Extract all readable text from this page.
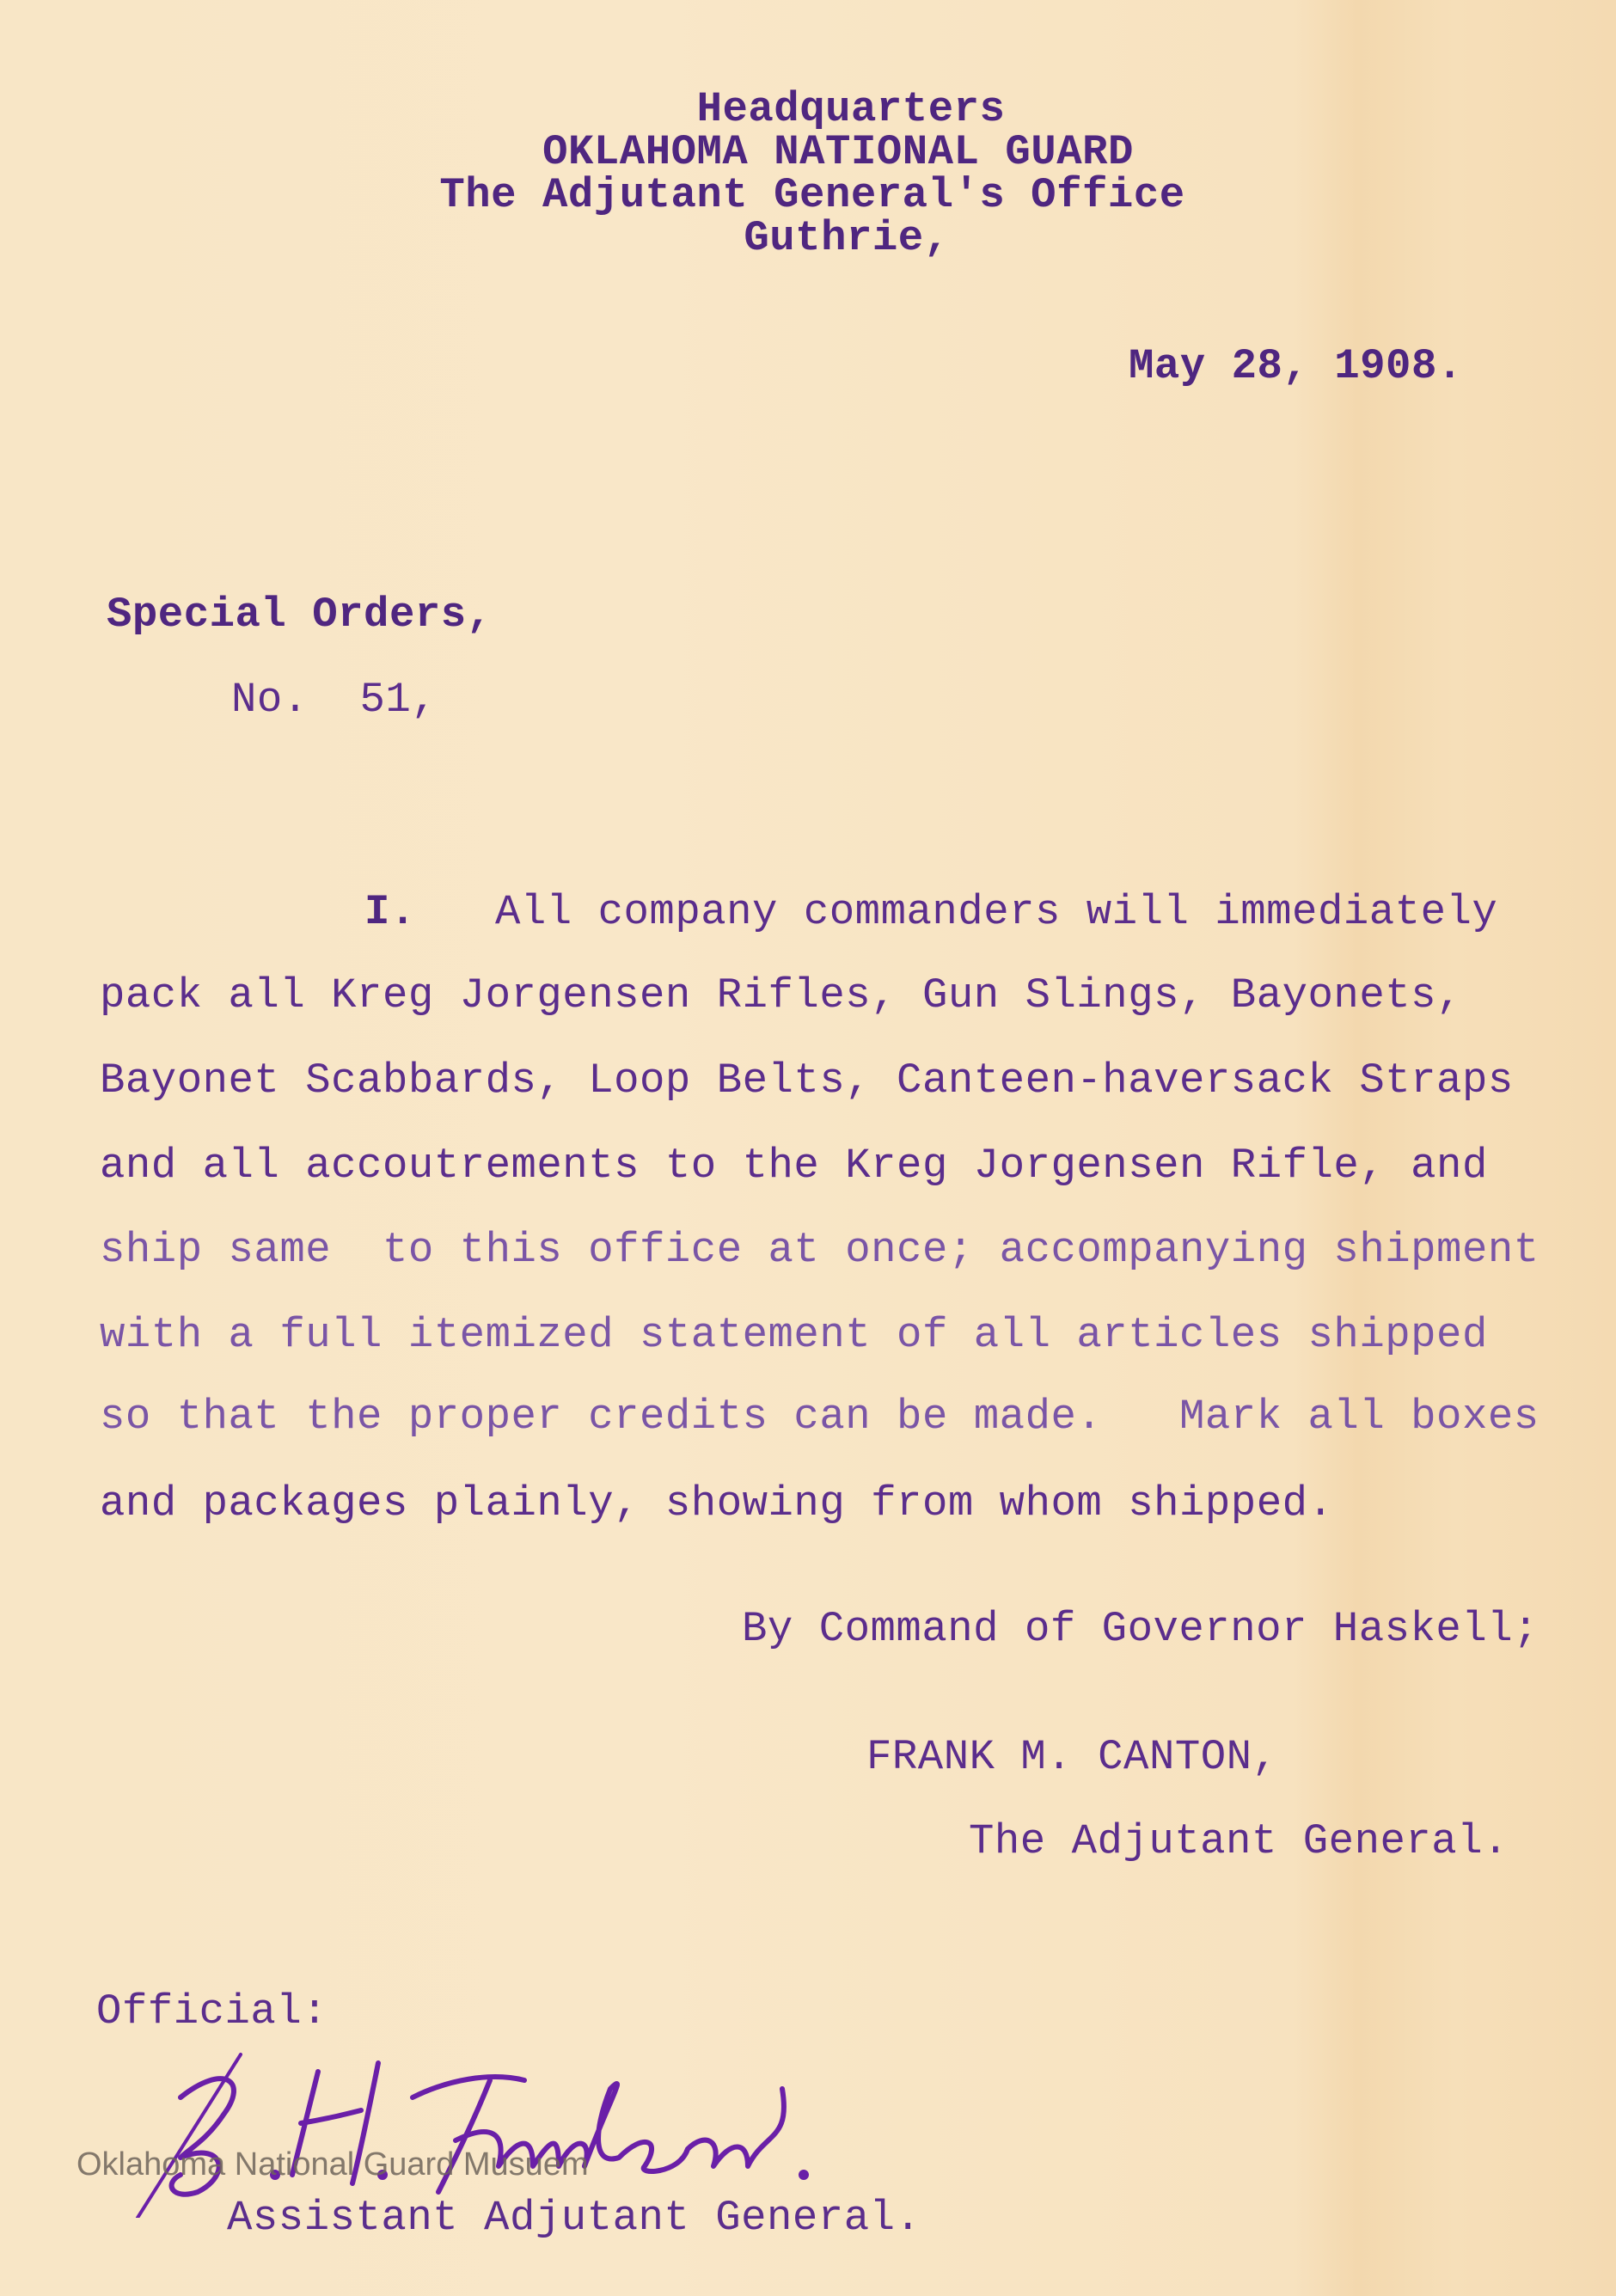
Headquarters
OKLAHOMA NATIONAL GUARD
The Adjutant General's Office
Guthrie,
May 28, 1908.
Special Orders,
No.  51,
I. All company commanders will immediately
pack all Kreg Jorgensen Rifles, Gun Slings, Bayonets,
Bayonet Scabbards, Loop Belts, Canteen-haversack Straps
and all accoutrements to the Kreg Jorgensen Rifle, and
ship same  to this office at once; accompanying shipment
with a full itemized statement of all articles shipped
so that the proper credits can be made.   Mark all boxes
and packages plainly, showing from whom shipped.
By Command of Governor Haskell;
FRANK M. CANTON,
The Adjutant General.
Official:
Oklahoma National Guard Musuem
Assistant Adjutant General.
